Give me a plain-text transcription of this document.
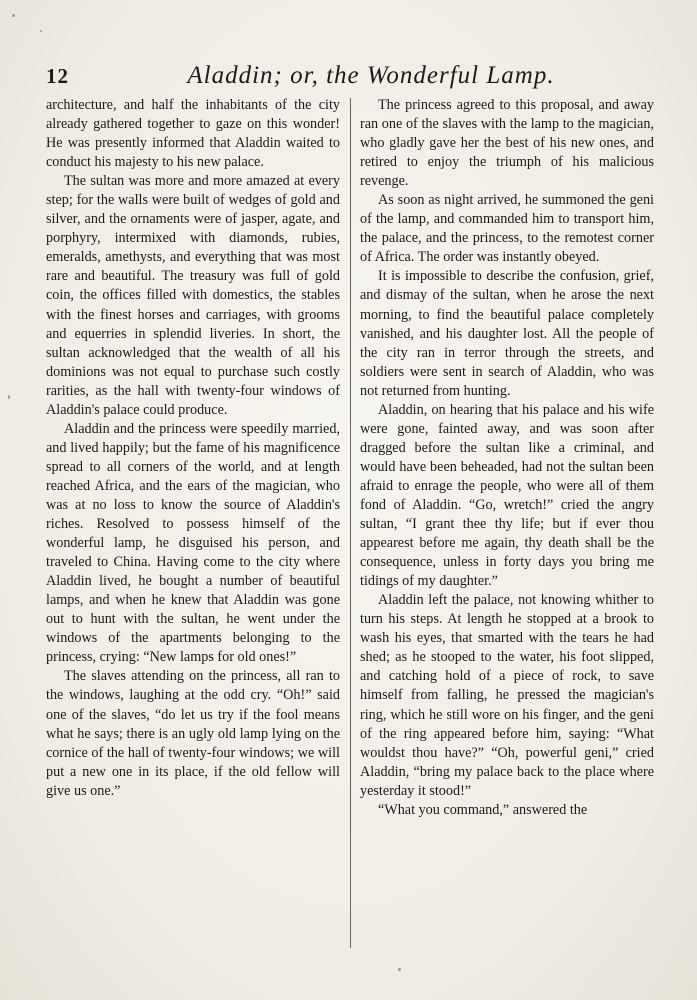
12	Aladdin; or, the Wonderful Lamp.

architecture, and half the inhabitants of the city already gathered together to gaze on this wonder! He was presently informed that Aladdin waited to conduct his majesty to his new palace.

The sultan was more and more amazed at every step; for the walls were built of wedges of gold and silver, and the ornaments were of jasper, agate, and porphyry, intermixed with diamonds, rubies, emeralds, amethysts, and everything that was most rare and beautiful. The treasury was full of gold coin, the offices filled with domestics, the stables with the finest horses and carriages, with grooms and equerries in splendid liveries. In short, the sultan acknowledged that the wealth of all his dominions was not equal to purchase such costly rarities, as the hall with twenty-four windows of Aladdin's palace could produce.

Aladdin and the princess were speedily married, and lived happily; but the fame of his magnificence spread to all corners of the world, and at length reached Africa, and the ears of the magician, who was at no loss to know the source of Aladdin's riches. Resolved to possess himself of the wonderful lamp, he disguised his person, and traveled to China. Having come to the city where Aladdin lived, he bought a number of beautiful lamps, and when he knew that Aladdin was gone out to hunt with the sultan, he went under the windows of the apartments belonging to the princess, crying: “New lamps for old ones!”

The slaves attending on the princess, all ran to the windows, laughing at the odd cry. “Oh!” said one of the slaves, “do let us try if the fool means what he says; there is an ugly old lamp lying on the cornice of the hall of twenty-four windows; we will put a new one in its place, if the old fellow will give us one.”

The princess agreed to this proposal, and away ran one of the slaves with the lamp to the magician, who gladly gave her the best of his new ones, and retired to enjoy the triumph of his malicious revenge.

As soon as night arrived, he summoned the geni of the lamp, and commanded him to transport him, the palace, and the princess, to the remotest corner of Africa. The order was instantly obeyed.

It is impossible to describe the confusion, grief, and dismay of the sultan, when he arose the next morning, to find the beautiful palace completely vanished, and his daughter lost. All the people of the city ran in terror through the streets, and soldiers were sent in search of Aladdin, who was not returned from hunting.

Aladdin, on hearing that his palace and his wife were gone, fainted away, and was soon after dragged before the sultan like a criminal, and would have been beheaded, had not the sultan been afraid to enrage the people, who were all of them fond of Aladdin. “Go, wretch!” cried the angry sultan, “I grant thee thy life; but if ever thou appearest before me again, thy death shall be the consequence, unless in forty days you bring me tidings of my daughter.”

Aladdin left the palace, not knowing whither to turn his steps. At length he stopped at a brook to wash his eyes, that smarted with the tears he had shed; as he stooped to the water, his foot slipped, and catching hold of a piece of rock, to save himself from falling, he pressed the magician's ring, which he still wore on his finger, and the geni of the ring appeared before him, saying: “What wouldst thou have?” “Oh, powerful geni,” cried Aladdin, “bring my palace back to the place where yesterday it stood!”

“What you command,” answered the
